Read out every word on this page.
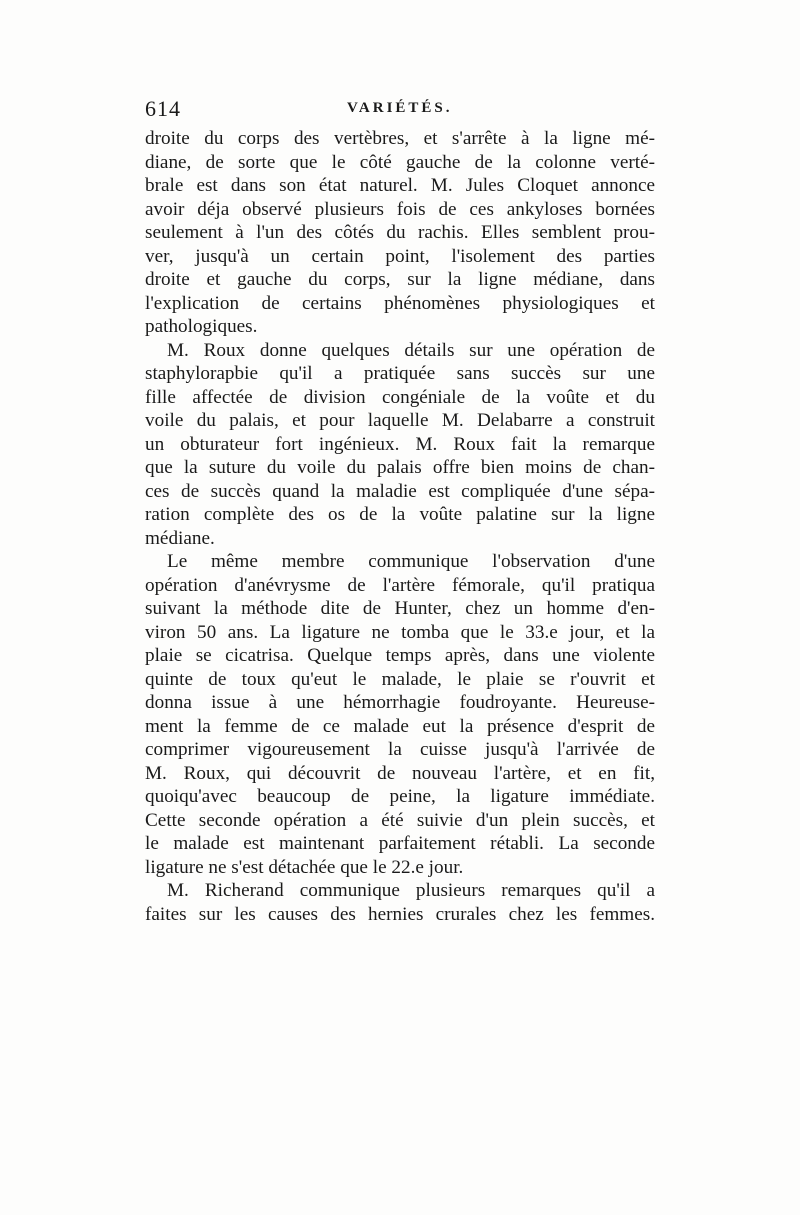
614	VARIÉTÉS.
droite du corps des vertèbres, et s'arrête à la ligne mé-
diane, de sorte que le côté gauche de la colonne verté-
brale est dans son état naturel. M. Jules Cloquet annonce
avoir déja observé plusieurs fois de ces ankyloses bornées
seulement à l'un des côtés du rachis. Elles semblent prou-
ver, jusqu'à un certain point, l'isolement des parties
droite et gauche du corps, sur la ligne médiane, dans
l'explication de certains phénomènes physiologiques et
pathologiques.
M. Roux donne quelques détails sur une opération de
staphylorapbie qu'il a pratiquée sans succès sur une
fille affectée de division congéniale de la voûte et du
voile du palais, et pour laquelle M. Delabarre a construit
un obturateur fort ingénieux. M. Roux fait la remarque
que la suture du voile du palais offre bien moins de chan-
ces de succès quand la maladie est compliquée d'une sépa-
ration complète des os de la voûte palatine sur la ligne
médiane.
Le même membre communique l'observation d'une
opération d'anévrysme de l'artère fémorale, qu'il pratiqua
suivant la méthode dite de Hunter, chez un homme d'en-
viron 50 ans. La ligature ne tomba que le 33.e jour, et la
plaie se cicatrisa. Quelque temps après, dans une violente
quinte de toux qu'eut le malade, le plaie se r'ouvrit et
donna issue à une hémorrhagie foudroyante. Heureuse-
ment la femme de ce malade eut la présence d'esprit de
comprimer vigoureusement la cuisse jusqu'à l'arrivée de
M. Roux, qui découvrit de nouveau l'artère, et en fit,
quoiqu'avec beaucoup de peine, la ligature immédiate.
Cette seconde opération a été suivie d'un plein succès, et
le malade est maintenant parfaitement rétabli. La seconde
ligature ne s'est détachée que le 22.e jour.
M. Richerand communique plusieurs remarques qu'il a
faites sur les causes des hernies crurales chez les femmes.
